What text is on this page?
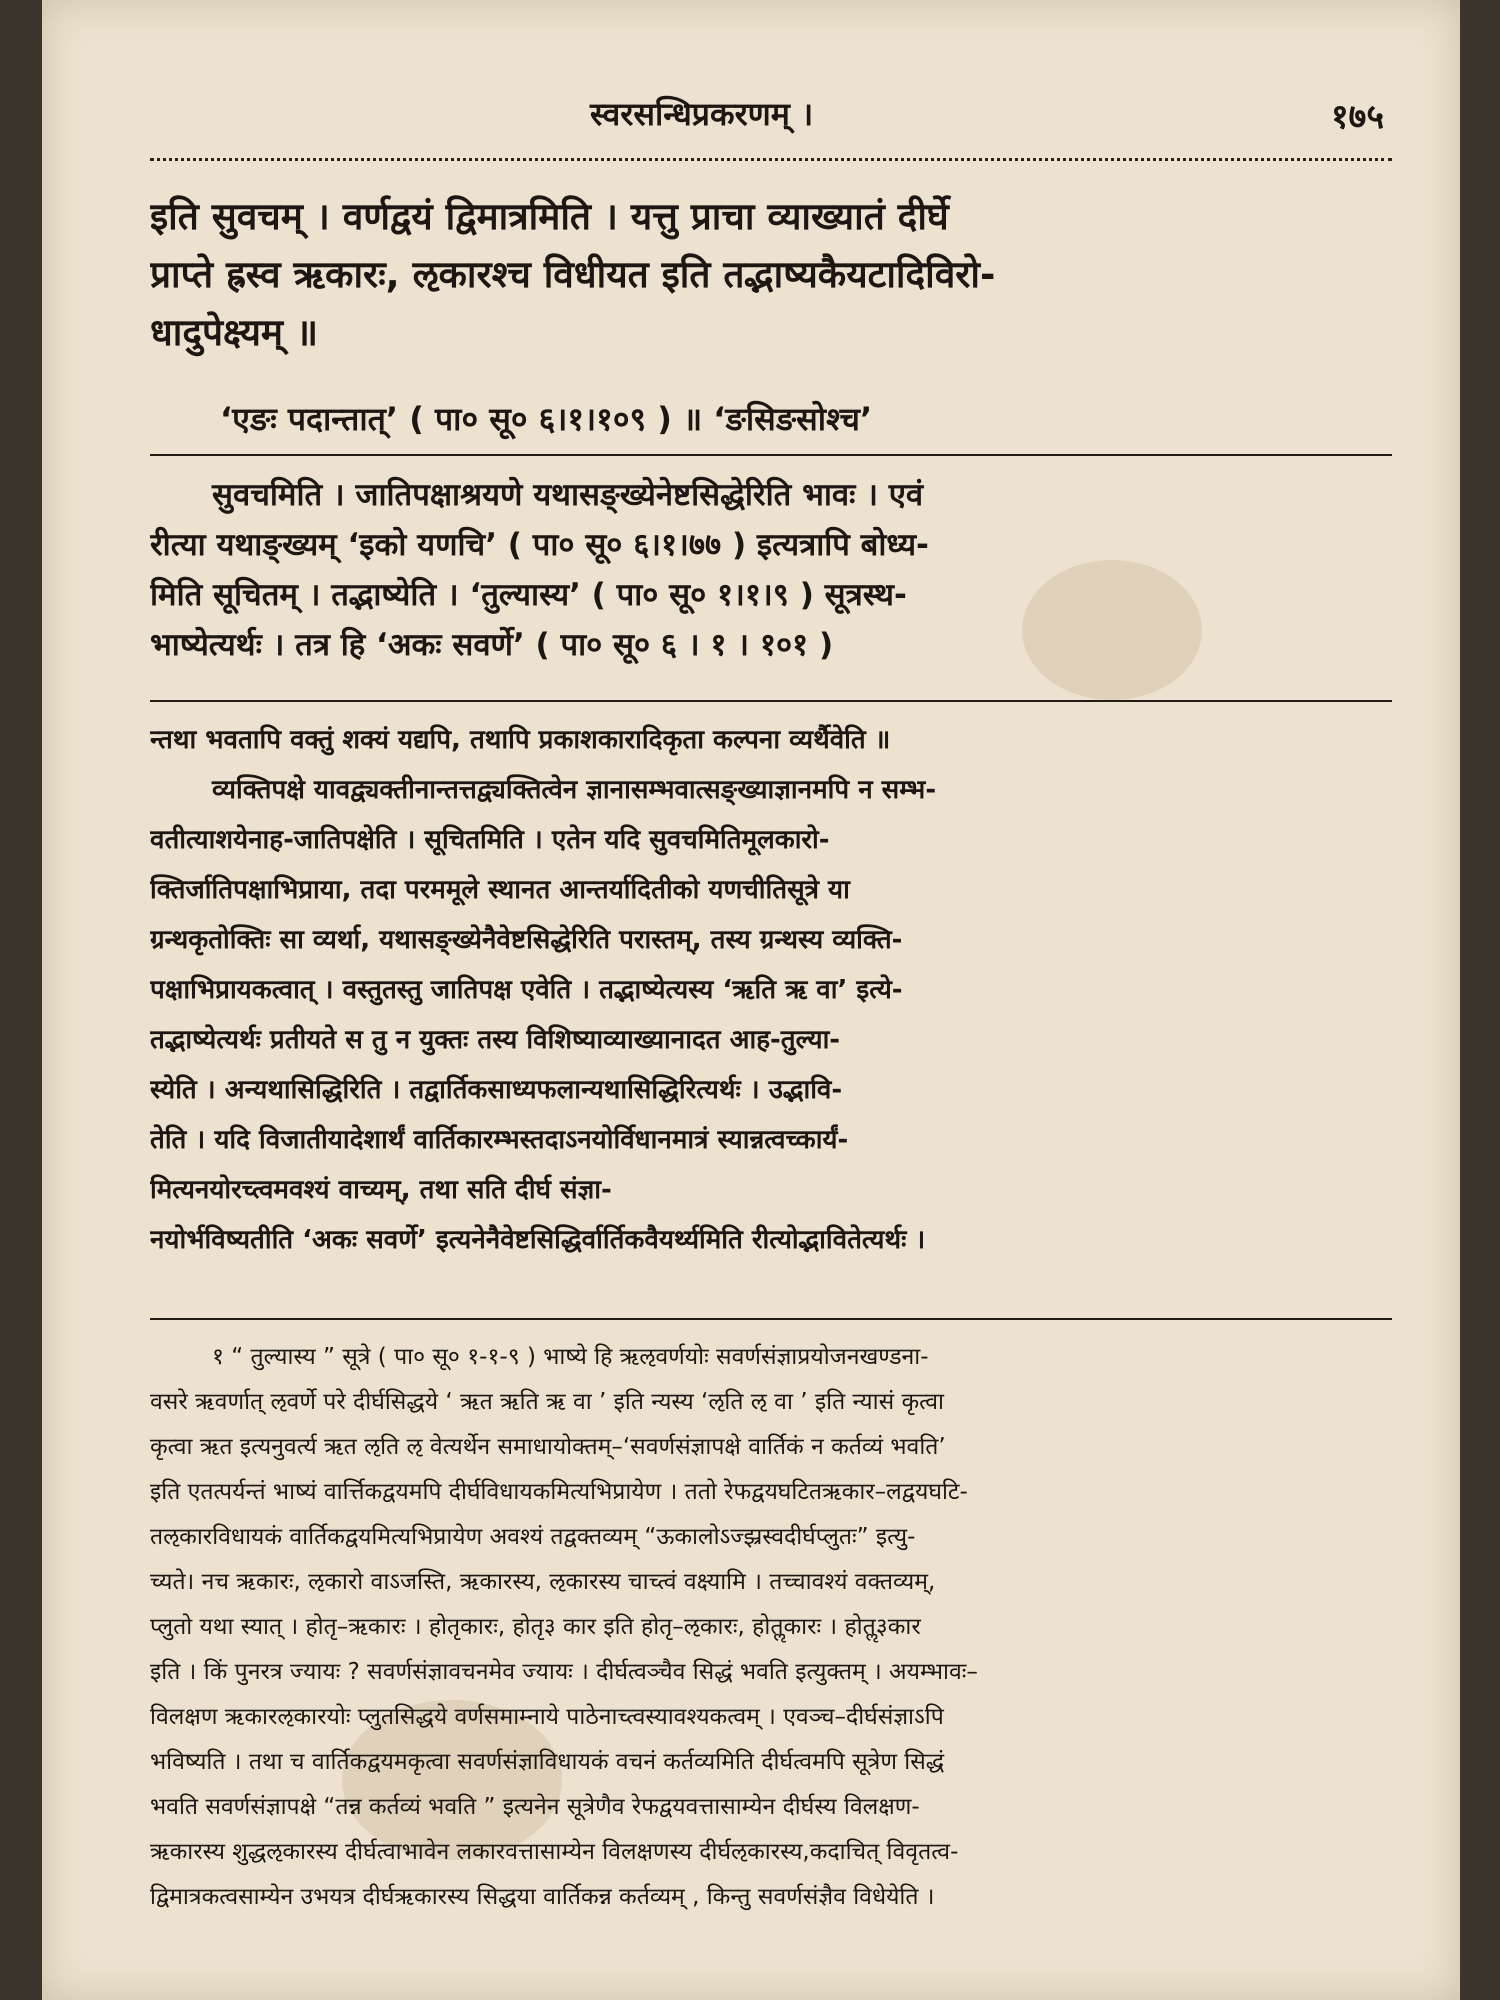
स्वरसन्धिप्रकरणम् ।	१७५
इति सुवचम् । वर्णद्वयं द्विमात्रमिति । यत्तु प्राचा व्याख्यातं दीर्घे
प्राप्ते ह्रस्व ऋकारः, ऌकारश्च विधीयत इति तद्भाष्यकैयटादिविरो-
धादुपेक्ष्यम् ॥
‘एङः पदान्तात्’ ( पा० सू० ६।१।१०९ ) ॥ ‘ङसिङसोश्च’
सुवचमिति । जातिपक्षाश्रयणे यथासङ्ख्येनेष्टसिद्धेरिति भावः । एवं
रीत्या यथाङ्ख्यम् ‘इको यणचि’ ( पा० सू० ६।१।७७ ) इत्यत्रापि बोध्य-
मिति सूचितम् । तद्भाष्येति । ‘तुल्यास्य’ ( पा० सू० १।१।९ ) सूत्रस्थ-
भाष्येत्यर्थः । तत्र हि ‘अकः सवर्णे’ ( पा० सू० ६ । १ । १०१ )
न्तथा भवतापि वक्तुं शक्यं यद्यपि, तथापि प्रकाशकारादिकृता कल्पना व्यर्थैवेति ॥
व्यक्तिपक्षे यावद्व्यक्तीनान्तत्तद्व्यक्तित्वेन ज्ञानासम्भवात्सङ्ख्याज्ञानमपि न सम्भ-
वतीत्याशयेनाह-जातिपक्षेति । सूचितमिति । एतेन यदि सुवचमितिमूलकारो-
क्तिर्जातिपक्षाभिप्राया, तदा परममूले स्थानत आन्तर्यादितीको यणचीतिसूत्रे या
ग्रन्थकृतोक्तिः सा व्यर्था, यथासङ्ख्येनैवेष्टसिद्धेरिति परास्तम्, तस्य ग्रन्थस्य व्यक्ति-
पक्षाभिप्रायकत्वात् । वस्तुतस्तु जातिपक्ष एवेति । तद्भाष्येत्यस्य ‘ऋति ऋ वा’ इत्ये-
तद्भाष्येत्यर्थः प्रतीयते स तु न युक्तः तस्य विशिष्याव्याख्यानादत आह-तुल्या-
स्येति । अन्यथासिद्धिरिति । तद्वार्तिकसाध्यफलान्यथासिद्धिरित्यर्थः । उद्भावि-
तेति । यदि विजातीयादेशार्थं वार्तिकारम्भस्तदाऽनयोर्विधानमात्रं स्यान्नत्वच्कार्यं-
मित्यनयोरच्त्वमवश्यं वाच्यम्, तथा सति दीर्घ संज्ञा-
नयोर्भविष्यतीति ‘अकः सवर्णे’ इत्यनेनैवेष्टसिद्धिर्वार्तिकवैयर्थ्यमिति रीत्योद्भावितेत्यर्थः ।
१ “ तुल्यास्य ” सूत्रे ( पा० सू० १-१-९ ) भाष्ये हि ऋऌवर्णयोः सवर्णसंज्ञाप्रयोजनखण्डना-
वसरे ऋवर्णात् ऌवर्णे परे दीर्घसिद्धये ‘ ऋत ऋति ऋ वा ’ इति न्यस्य ‘ऌति ऌ वा ’ इति न्यासं कृत्वा
कृत्वा ऋत इत्यनुवर्त्य ऋत ऌति ऌ वेत्यर्थेन समाधायोक्तम्–‘सवर्णसंज्ञापक्षे वार्तिकं न कर्तव्यं भवति’
इति एतत्पर्यन्तं भाष्यं वार्त्तिकद्वयमपि दीर्घविधायकमित्यभिप्रायेण । ततो रेफद्वयघटितऋकार–लद्वयघटि-
तऌकारविधायकं वार्तिकद्वयमित्यभिप्रायेण अवश्यं तद्वक्तव्यम् “ऊकालोऽज्झ्रस्वदीर्घप्लुतः” इत्यु-
च्यते। नच ऋकारः, ऌकारो वाऽजस्ति, ऋकारस्य, ऌकारस्य चाच्त्वं वक्ष्यामि । तच्चावश्यं वक्तव्यम्,
प्लुतो यथा स्यात् । होतृ–ऋकारः । होतृकारः, होतृ३ कार इति होतृ–ऌकारः, होतॢकारः । होतॢ३कार
इति । किं पुनरत्र ज्यायः ? सवर्णसंज्ञावचनमेव ज्यायः । दीर्घत्वञ्चैव सिद्धं भवति इत्युक्तम् । अयम्भावः–
विलक्षण ऋकारऌकारयोः प्लुतसिद्धये वर्णसमाम्नाये पाठेनाच्त्वस्यावश्यकत्वम् । एवञ्च–दीर्घसंज्ञाऽपि
भविष्यति । तथा च वार्तिकद्वयमकृत्वा सवर्णसंज्ञाविधायकं वचनं कर्तव्यमिति दीर्घत्वमपि सूत्रेण सिद्धं
भवति सवर्णसंज्ञापक्षे “तन्न कर्तव्यं भवति ” इत्यनेन सूत्रेणैव रेफद्वयवत्तासाम्येन दीर्घस्य विलक्षण-
ऋकारस्य शुद्धऌकारस्य दीर्घत्वाभावेन लकारवत्तासाम्येन विलक्षणस्य दीर्घऌकारस्य,कदाचित् विवृतत्व-
द्विमात्रकत्वसाम्येन उभयत्र दीर्घऋकारस्य सिद्धया वार्तिकन्न कर्तव्यम् , किन्तु सवर्णसंज्ञैव विधेयेति ।
